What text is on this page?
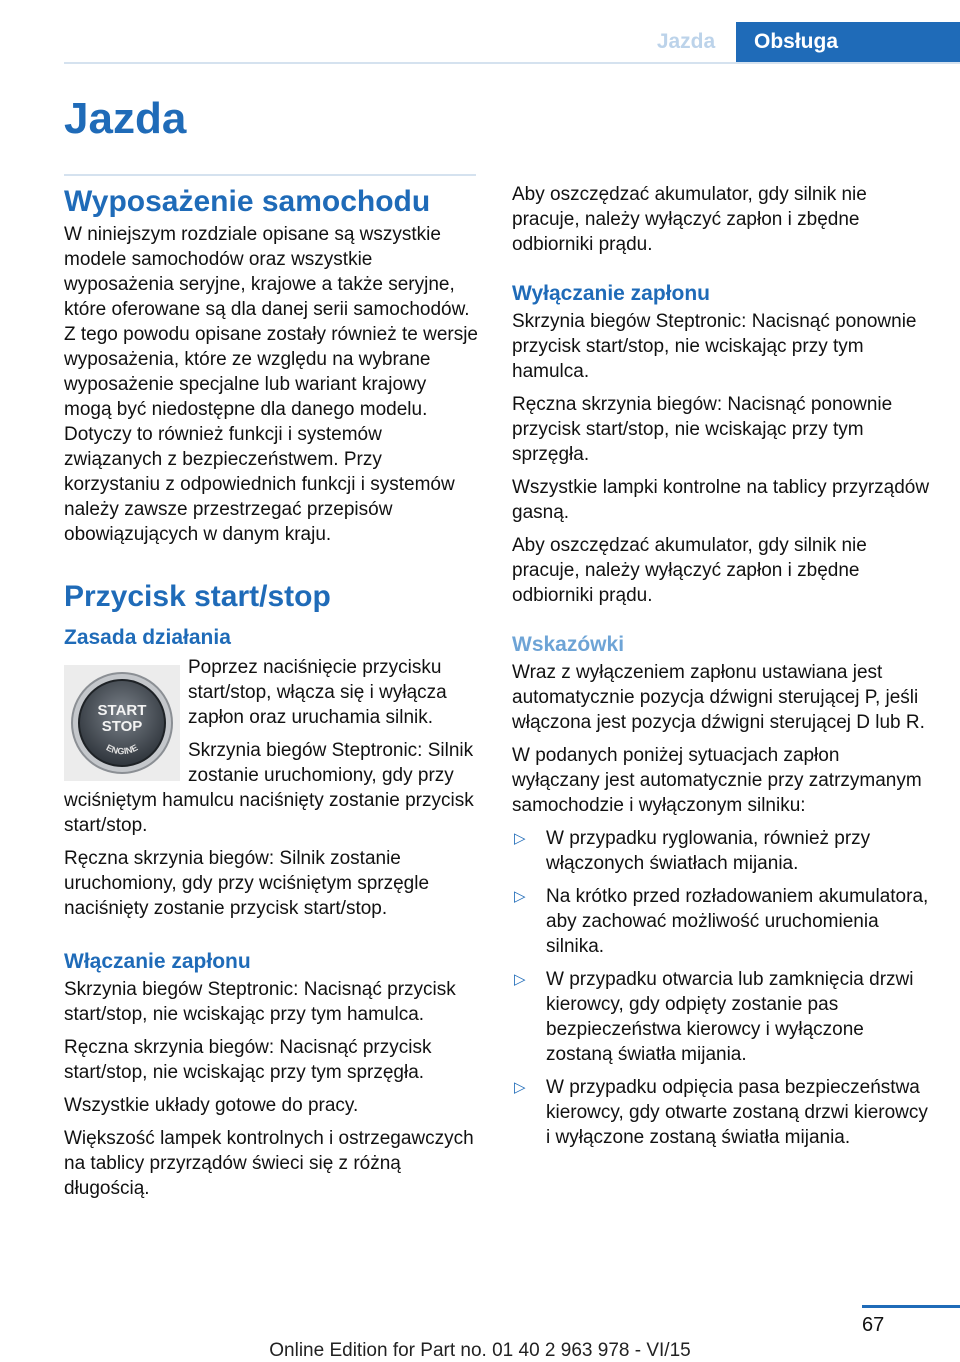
Jazda	Obsługa
Jazda
Wyposażenie samochodu

W niniejszym rozdziale opisane są wszystkie modele samochodów oraz wszystkie wyposażenia seryjne, krajowe a także seryjne, które oferowane są dla danej serii samochodów. Z tego powodu opisane zostały również te wersje wyposażenia, które ze względu na wybrane wyposażenie specjalne lub wariant krajowy mogą być niedostępne dla danego modelu. Dotyczy to również funkcji i systemów związanych z bezpieczeństwem. Przy korzystaniu z odpowiednich funkcji i systemów należy zawsze przestrzegać przepisów obowiązujących w danym kraju.

Przycisk start/stop
Zasada działania
START
STOP
ENGINE

Poprzez naciśnięcie przycisku start/stop, włącza się i wyłącza zapłon oraz uruchamia silnik.

Skrzynia biegów Steptronic: Silnik zostanie uruchomiony, gdy przy wciśniętym hamulcu naciśnięty zostanie przycisk start/stop.

Ręczna skrzynia biegów: Silnik zostanie uruchomiony, gdy przy wciśniętym sprzęgle naciśnięty zostanie przycisk start/stop.

Włączanie zapłonu

Skrzynia biegów Steptronic: Nacisnąć przycisk start/stop, nie wciskając przy tym hamulca.

Ręczna skrzynia biegów: Nacisnąć przycisk start/stop, nie wciskając przy tym sprzęgła.

Wszystkie układy gotowe do pracy.

Większość lampek kontrolnych i ostrzegawczych na tablicy przyrządów świeci się z różną długością.

Aby oszczędzać akumulator, gdy silnik nie pracuje, należy wyłączyć zapłon i zbędne odbiorniki prądu.

Wyłączanie zapłonu

Skrzynia biegów Steptronic: Nacisnąć ponownie przycisk start/stop, nie wciskając przy tym hamulca.

Ręczna skrzynia biegów: Nacisnąć ponownie przycisk start/stop, nie wciskając przy tym sprzęgła.

Wszystkie lampki kontrolne na tablicy przyrządów gasną.

Aby oszczędzać akumulator, gdy silnik nie pracuje, należy wyłączyć zapłon i zbędne odbiorniki prądu.

Wskazówki

Wraz z wyłączeniem zapłonu ustawiana jest automatycznie pozycja dźwigni sterującej P, jeśli włączona jest pozycja dźwigni sterującej D lub R.

W podanych poniżej sytuacjach zapłon wyłączany jest automatycznie przy zatrzymanym samochodzie i wyłączonym silniku:

▷ W przypadku ryglowania, również przy włączonych światłach mijania.
▷ Na krótko przed rozładowaniem akumulatora, aby zachować możliwość uruchomienia silnika.
▷ W przypadku otwarcia lub zamknięcia drzwi kierowcy, gdy odpięty zostanie pas bezpieczeństwa kierowcy i wyłączone zostaną światła mijania.
▷ W przypadku odpięcia pasa bezpieczeństwa kierowcy, gdy otwarte zostaną drzwi kierowcy i wyłączone zostaną światła mijania.
67
Online Edition for Part no. 01 40 2 963 978 - VI/15
